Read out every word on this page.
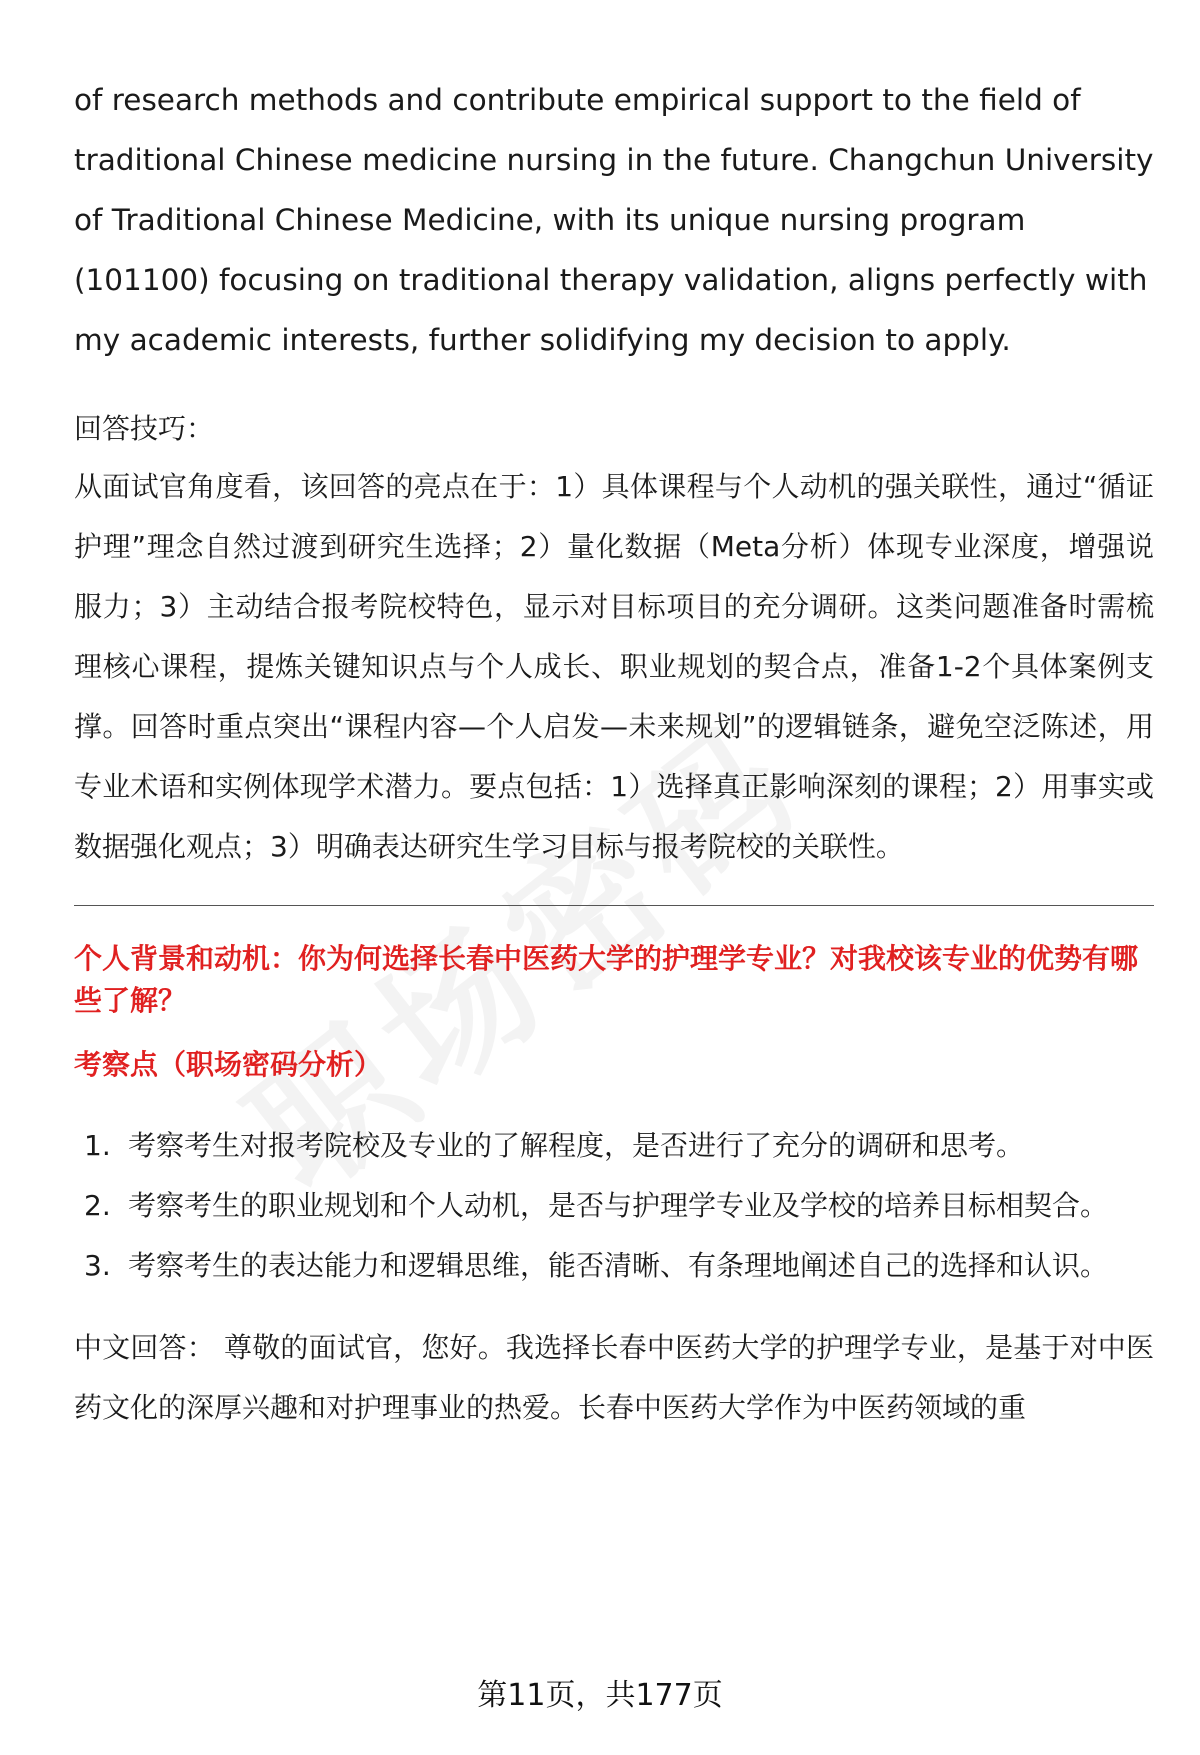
of research methods and contribute empirical support to the field of traditional Chinese medicine nursing in the future. Changchun University of Traditional Chinese Medicine, with its unique nursing program (101100) focusing on traditional therapy validation, aligns perfectly with my academic interests, further solidifying my decision to apply.

回答技巧：

从面试官角度看，该回答的亮点在于：1）具体课程与个人动机的强关联性，通过“循证护理”理念自然过渡到研究生选择；2）量化数据（Meta分析）体现专业深度，增强说服力；3）主动结合报考院校特色，显示对目标项目的充分调研。这类问题准备时需梳理核心课程，提炼关键知识点与个人成长、职业规划的契合点，准备1-2个具体案例支撑。回答时重点突出“课程内容—个人启发—未来规划”的逻辑链条，避免空泛陈述，用专业术语和实例体现学术潜力。要点包括：1）选择真正影响深刻的课程；2）用事实或数据强化观点；3）明确表达研究生学习目标与报考院校的关联性。

个人背景和动机：你为何选择长春中医药大学的护理学专业？对我校该专业的优势有哪些了解？
考察点（职场密码分析）
1. 考察考生对报考院校及专业的了解程度，是否进行了充分的调研和思考。
2. 考察考生的职业规划和个人动机，是否与护理学专业及学校的培养目标相契合。
3. 考察考生的表达能力和逻辑思维，能否清晰、有条理地阐述自己的选择和认识。

中文回答： 尊敬的面试官，您好。我选择长春中医药大学的护理学专业，是基于对中医药文化的深厚兴趣和对护理事业的热爱。长春中医药大学作为中医药领域的重

第11页，共177页
